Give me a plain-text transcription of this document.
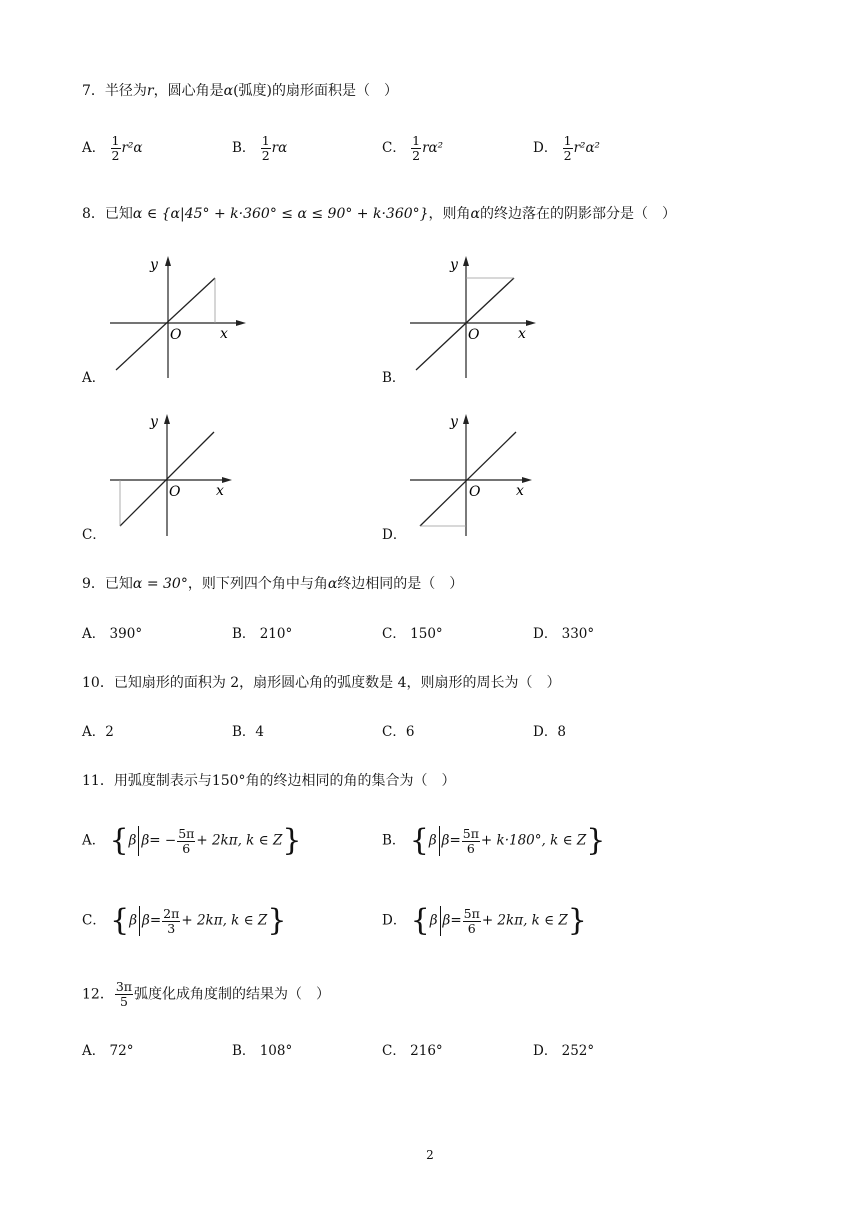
7．半径为r，圆心角是α(弧度)的扇形面积是（　）
A． $\frac{1}{2} r^2\alpha$	B． $\frac{1}{2}$ rα	C． $\frac{1}{2} r\alpha^2$	D． $\frac{1}{2} r^2\alpha^2$
8．已知α ∈ {α|45° + k·360° ≤ α ≤ 90° + k·360°}，则角α的终边落在的阴影部分是（　）
A．
y
x
O
B．
y
x
O
C．
y
x
O
D．
y
x
O
9．已知α = 30°，则下列四个角中与角α终边相同的是（　）
A． 390°	B． 210°	C． 150°	D． 330°
10．已知扇形的面积为 2，扇形圆心角的弧度数是 4，则扇形的周长为（　）
A．2	B．4	C．6	D．8
11．用弧度制表示与150°角的终边相同的角的集合为（　）
A． {β $\beta= - \frac{5\pi}{6} + 2k\pi$, k ∈ Z}	B． {β $\beta= \frac{5\pi}{6} + k\cdot 180^\circ$, k ∈ Z}
C． {β $\beta= \frac{2\pi}{3} + 2k\pi$, k ∈ Z}	D． {β $\beta= \frac{5\pi}{6} + 2k\pi$, k ∈ Z}
12． $\frac{3\pi}{5}$ 弧度化成角度制的结果为（　）
A． 72°	B． 108°	C． 216°	D． 252°
2
